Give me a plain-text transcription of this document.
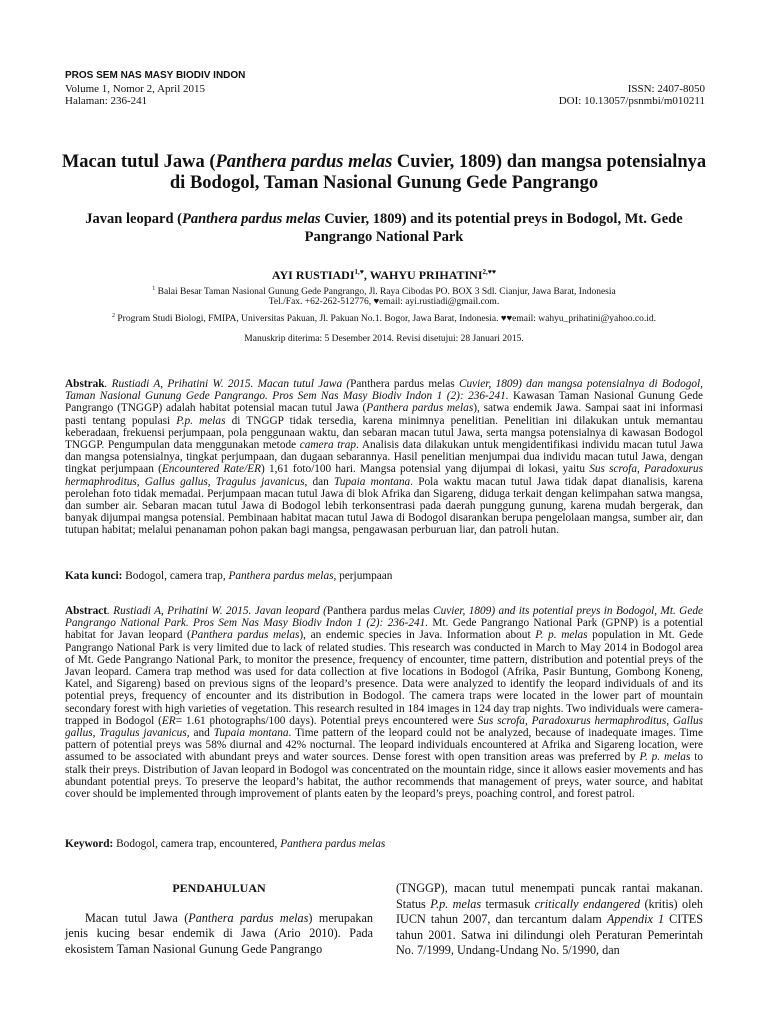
PROS SEM NAS MASY BIODIV INDON
Volume 1, Nomor 2, April 2015
Halaman: 236-241
ISSN: 2407-8050
DOI: 10.13057/psnmbi/m010211
Macan tutul Jawa (Panthera pardus melas Cuvier, 1809) dan mangsa potensialnya di Bodogol, Taman Nasional Gunung Gede Pangrango
Javan leopard (Panthera pardus melas Cuvier, 1809) and its potential preys in Bodogol, Mt. Gede Pangrango National Park
AYI $RUSTIADI^{1,♥}$, WAHYU $PRIHATINI^{2,♥♥}$
$^1$ Balai Besar Taman Nasional Gunung Gede Pangrango, Jl. Raya Cibodas PO. BOX 3 Sdl. Cianjur, Jawa Barat, Indonesia
Tel./Fax. +62-262-512776, ♥email: ayi.rustiadi@gmail.com.
$^2$ Program Studi Biologi, FMIPA, Universitas Pakuan, Jl. Pakuan No.1. Bogor, Jawa Barat, Indonesia. ♥♥email: wahyu_prihatini@yahoo.co.id.
Manuskrip diterima: 5 Desember 2014. Revisi disetujui: 28 Januari 2015.
Abstrak. Rustiadi A, Prihatini W. 2015. Macan tutul Jawa (Panthera pardus melas Cuvier, 1809) dan mangsa potensialnya di Bodogol, Taman Nasional Gunung Gede Pangrango. Pros Sem Nas Masy Biodiv Indon 1 (2): 236-241. Kawasan Taman Nasional Gunung Gede Pangrango (TNGGP) adalah habitat potensial macan tutul Jawa (Panthera pardus melas), satwa endemik Jawa. Sampai saat ini informasi pasti tentang populasi P.p. melas di TNGGP tidak tersedia, karena minimnya penelitian. Penelitian ini dilakukan untuk memantau keberadaan, frekuensi perjumpaan, pola penggunaan waktu, dan sebaran macan tutul Jawa, serta mangsa potensialnya di kawasan Bodogol TNGGP. Pengumpulan data menggunakan metode camera trap. Analisis data dilakukan untuk mengidentifikasi individu macan tutul Jawa dan mangsa potensialnya, tingkat perjumpaan, dan dugaan sebarannya. Hasil penelitian menjumpai dua individu macan tutul Jawa, dengan tingkat perjumpaan (Encountered Rate/ER) 1,61 foto/100 hari. Mangsa potensial yang dijumpai di lokasi, yaitu Sus scrofa, Paradoxurus hermaphroditus, Gallus gallus, Tragulus javanicus, dan Tupaia montana. Pola waktu macan tutul Jawa tidak dapat dianalisis, karena perolehan foto tidak memadai. Perjumpaan macan tutul Jawa di blok Afrika dan Sigareng, diduga terkait dengan kelimpahan satwa mangsa, dan sumber air. Sebaran macan tutul Jawa di Bodogol lebih terkonsentrasi pada daerah punggung gunung, karena mudah bergerak, dan banyak dijumpai mangsa potensial. Pembinaan habitat macan tutul Jawa di Bodogol disarankan berupa pengelolaan mangsa, sumber air, dan tutupan habitat; melalui penanaman pohon pakan bagi mangsa, pengawasan perburuan liar, dan patroli hutan.
Kata kunci: Bodogol, camera trap, Panthera pardus melas, perjumpaan
Abstract. Rustiadi A, Prihatini W. 2015. Javan leopard (Panthera pardus melas Cuvier, 1809) and its potential preys in Bodogol, Mt. Gede Pangrango National Park. Pros Sem Nas Masy Biodiv Indon 1 (2): 236-241. Mt. Gede Pangrango National Park (GPNP) is a potential habitat for Javan leopard (Panthera pardus melas), an endemic species in Java. Information about P. p. melas population in Mt. Gede Pangrango National Park is very limited due to lack of related studies. This research was conducted in March to May 2014 in Bodogol area of Mt. Gede Pangrango National Park, to monitor the presence, frequency of encounter, time pattern, distribution and potential preys of the Javan leopard. Camera trap method was used for data collection at five locations in Bodogol (Afrika, Pasir Buntung, Gombong Koneng, Katel, and Sigareng) based on previous signs of the leopard’s presence. Data were analyzed to identify the leopard individuals of and its potential preys, frequency of encounter and its distribution in Bodogol. The camera traps were located in the lower part of mountain secondary forest with high varieties of vegetation. This research resulted in 184 images in 124 day trap nights. Two individuals were camera-trapped in Bodogol (ER= 1.61 photographs/100 days). Potential preys encountered were Sus scrofa, Paradoxurus hermaphroditus, Gallus gallus, Tragulus javanicus, and Tupaia montana. Time pattern of the leopard could not be analyzed, because of inadequate images. Time pattern of potential preys was 58% diurnal and 42% nocturnal. The leopard individuals encountered at Afrika and Sigareng location, were assumed to be associated with abundant preys and water sources. Dense forest with open transition areas was preferred by P. p. melas to stalk their preys. Distribution of Javan leopard in Bodogol was concentrated on the mountain ridge, since it allows easier movements and has abundant potential preys. To preserve the leopard’s habitat, the author recommends that management of preys, water source, and habitat cover should be implemented through improvement of plants eaten by the leopard’s preys, poaching control, and forest patrol.
Keyword: Bodogol, camera trap, encountered, Panthera pardus melas
PENDAHULUAN
Macan tutul Jawa (Panthera pardus melas) merupakan jenis kucing besar endemik di Jawa (Ario 2010). Pada ekosistem Taman Nasional Gunung Gede Pangrango
(TNGGP), macan tutul menempati puncak rantai makanan. Status P.p. melas termasuk critically endangered (kritis) oleh IUCN tahun 2007, dan tercantum dalam Appendix 1 CITES tahun 2001. Satwa ini dilindungi oleh Peraturan Pemerintah No. 7/1999, Undang-Undang No. 5/1990, dan
